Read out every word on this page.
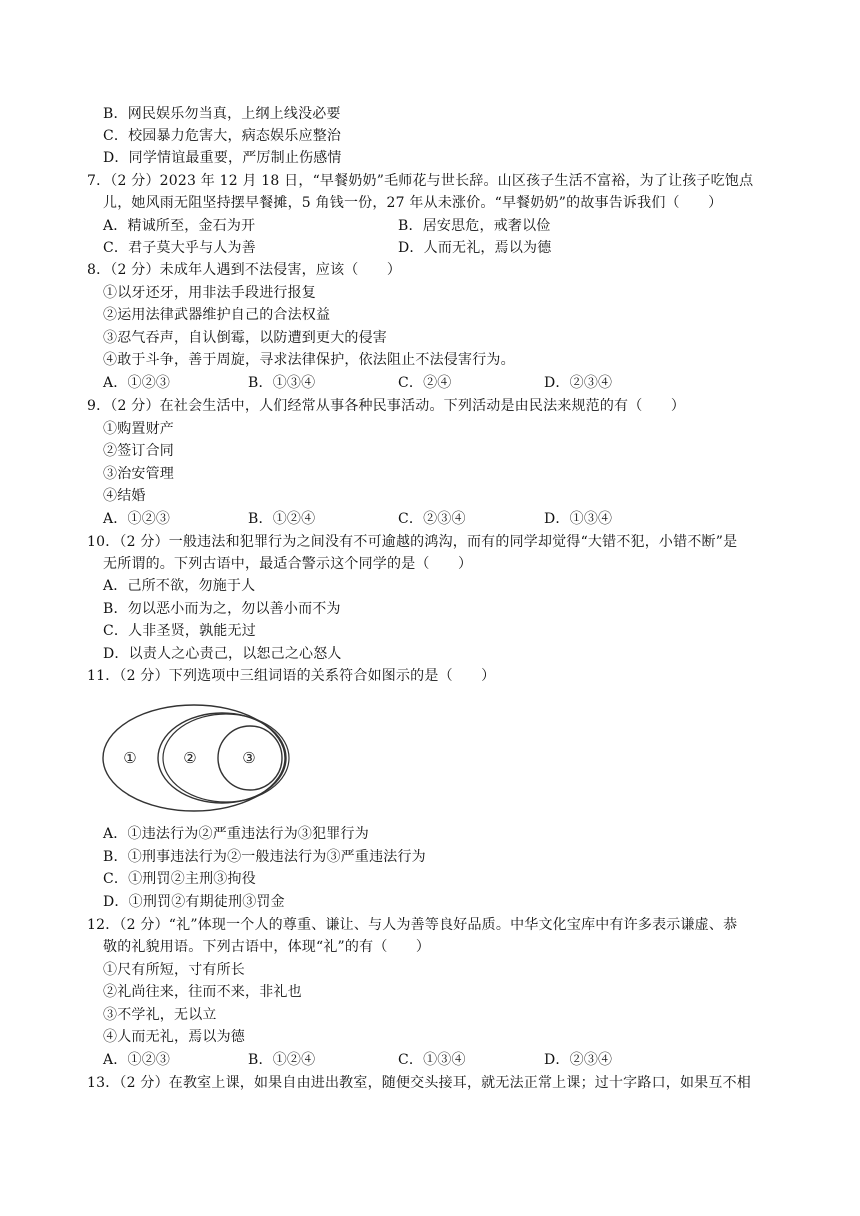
B．网民娱乐勿当真，上纲上线没必要
C．校园暴力危害大，病态娱乐应整治
D．同学情谊最重要，严厉制止伤感情
7．（2 分）2023 年 12 月 18 日，“早餐奶奶”毛师花与世长辞。山区孩子生活不富裕，为了让孩子吃饱点
儿，她风雨无阻坚持摆早餐摊，5 角钱一份，27 年从未涨价。“早餐奶奶”的故事告诉我们（　　）
A．精诚所至，金石为开	B．居安思危，戒奢以俭
C．君子莫大乎与人为善	D．人而无礼，焉以为德
8．（2 分）未成年人遇到不法侵害，应该（　　）
①以牙还牙，用非法手段进行报复
②运用法律武器维护自己的合法权益
③忍气吞声，自认倒霉，以防遭到更大的侵害
④敢于斗争，善于周旋，寻求法律保护，依法阻止不法侵害行为。
A．①②③	B．①③④	C．②④	D．②③④
9．（2 分）在社会生活中，人们经常从事各种民事活动。下列活动是由民法来规范的有（　　）
①购置财产
②签订合同
③治安管理
④结婚
A．①②③	B．①②④	C．②③④	D．①③④
10．（2 分）一般违法和犯罪行为之间没有不可逾越的鸿沟，而有的同学却觉得“大错不犯，小错不断”是
无所谓的。下列古语中，最适合警示这个同学的是（　　）
A．己所不欲，勿施于人
B．勿以恶小而为之，勿以善小而不为
C．人非圣贤，孰能无过
D．以责人之心责己，以恕己之心怒人
11．（2 分）下列选项中三组词语的关系符合如图示的是（　　）
①	②	③
A．①违法行为②严重违法行为③犯罪行为
B．①刑事违法行为②一般违法行为③严重违法行为
C．①刑罚②主刑③拘役
D．①刑罚②有期徒刑③罚金
12．（2 分）“礼”体现一个人的尊重、谦让、与人为善等良好品质。中华文化宝库中有许多表示谦虚、恭
敬的礼貌用语。下列古语中，体现“礼”的有（　　）
①尺有所短，寸有所长
②礼尚往来，往而不来，非礼也
③不学礼，无以立
④人而无礼，焉以为德
A．①②③	B．①②④	C．①③④	D．②③④
13．（2 分）在教室上课，如果自由进出教室，随便交头接耳，就无法正常上课；过十字路口，如果互不相
